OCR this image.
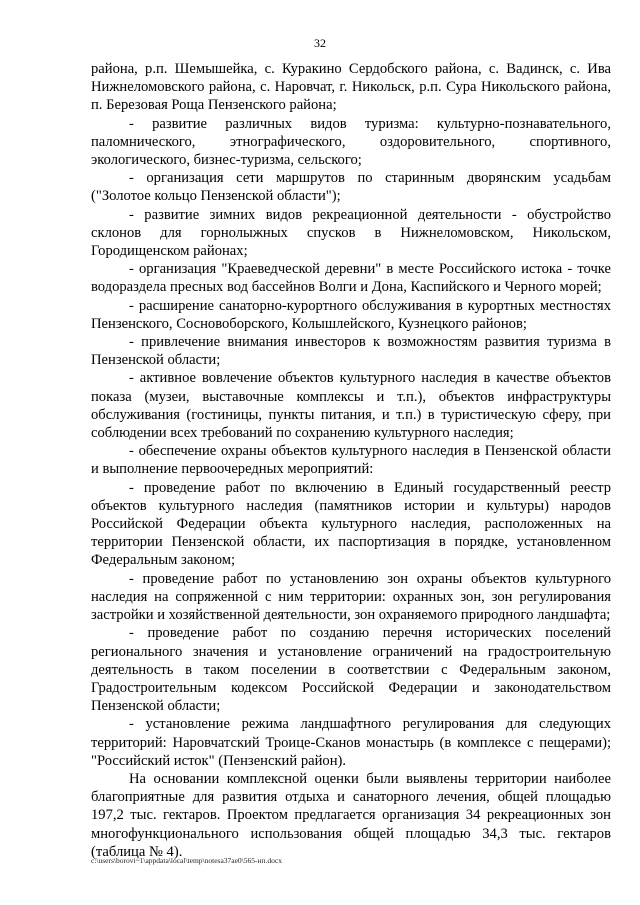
32

района, р.п. Шемышейка, с. Куракино Сердобского района, с. Вадинск, с. Ива Нижнеломовского района, с. Наровчат, г. Никольск, р.п. Сура Никольского района, п. Березовая Роща Пензенского района;

- развитие различных видов туризма: культурно-познавательного, паломнического, этнографического, оздоровительного, спортивного, экологического, бизнес-туризма, сельского;

- организация сети маршрутов по старинным дворянским усадьбам ("Золотое кольцо Пензенской области");

- развитие зимних видов рекреационной деятельности - обустройство склонов для горнолыжных спусков в Нижнеломовском, Никольском, Городищенском районах;

- организация "Краеведческой деревни" в месте Российского истока - точке водораздела пресных вод бассейнов Волги и Дона, Каспийского и Черного морей;

- расширение санаторно-курортного обслуживания в курортных местностях Пензенского, Сосновоборского, Колышлейского, Кузнецкого районов;

- привлечение внимания инвесторов к возможностям развития туризма в Пензенской области;

- активное вовлечение объектов культурного наследия в качестве объектов показа (музеи, выставочные комплексы и т.п.), объектов инфраструктуры обслуживания (гостиницы, пункты питания, и т.п.) в туристическую сферу, при соблюдении всех требований по сохранению культурного наследия;

- обеспечение охраны объектов культурного наследия в Пензенской области и выполнение первоочередных мероприятий:

- проведение работ по включению в Единый государственный реестр объектов культурного наследия (памятников истории и культуры) народов Российской Федерации объекта культурного наследия, расположенных на территории Пензенской области, их паспортизация в порядке, установленном Федеральным законом;

- проведение работ по установлению зон охраны объектов культурного наследия на сопряженной с ним территории: охранных зон, зон регулирования застройки и хозяйственной деятельности, зон охраняемого природного ландшафта;

- проведение работ по созданию перечня исторических поселений регионального значения и установление ограничений на градостроительную деятельность в таком поселении в соответствии с Федеральным законом, Градостроительным кодексом Российской Федерации и законодательством Пензенской области;

- установление режима ландшафтного регулирования для следующих территорий: Наровчатский Троице-Сканов монастырь (в комплексе с пещерами); "Российский исток" (Пензенский район).

На основании комплексной оценки были выявлены территории наиболее благоприятные для развития отдыха и санаторного лечения, общей площадью 197,2 тыс. гектаров. Проектом предлагается организация 34 рекреационных зон многофункционального использования общей площадью 34,3 тыс. гектаров (таблица № 4).

c:\users\borovi~1\appdata\local\temp\notesa37ae0\565-нп.docx
